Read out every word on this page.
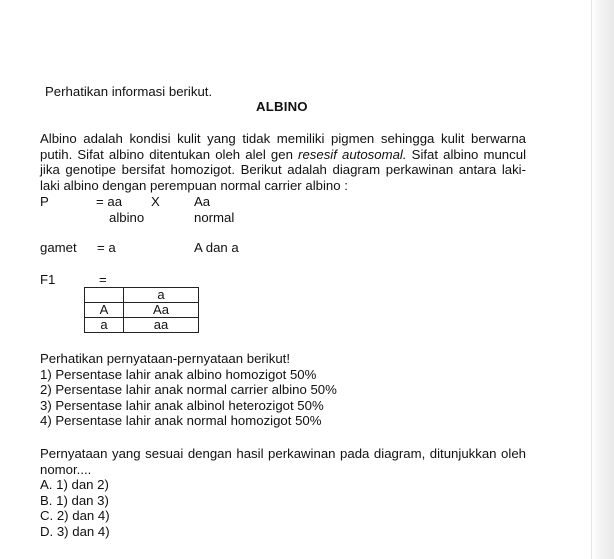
Perhatikan informasi berikut.
ALBINO
Albino adalah kondisi kulit yang tidak memiliki pigmen sehingga kulit berwarna putih. Sifat albino ditentukan oleh alel gen resesif autosomal. Sifat albino muncul jika genotipe bersifat homozigot. Berikut adalah diagram perkawinan antara laki-laki albino dengan perempuan normal carrier albino :
P	= aa X	Aa
albino	normal
gamet = a	A dan a
F1	=
	a
A	Aa
a	aa
Perhatikan pernyataan-pernyataan berikut!
1) Persentase lahir anak albino homozigot 50%
2) Persentase lahir anak normal carrier albino 50%
3) Persentase lahir anak albinol heterozigot 50%
4) Persentase lahir anak normal homozigot 50%
Pernyataan yang sesuai dengan hasil perkawinan pada diagram, ditunjukkan oleh nomor....
A. 1) dan 2)
B. 1) dan 3)
C. 2) dan 4)
D. 3) dan 4)
